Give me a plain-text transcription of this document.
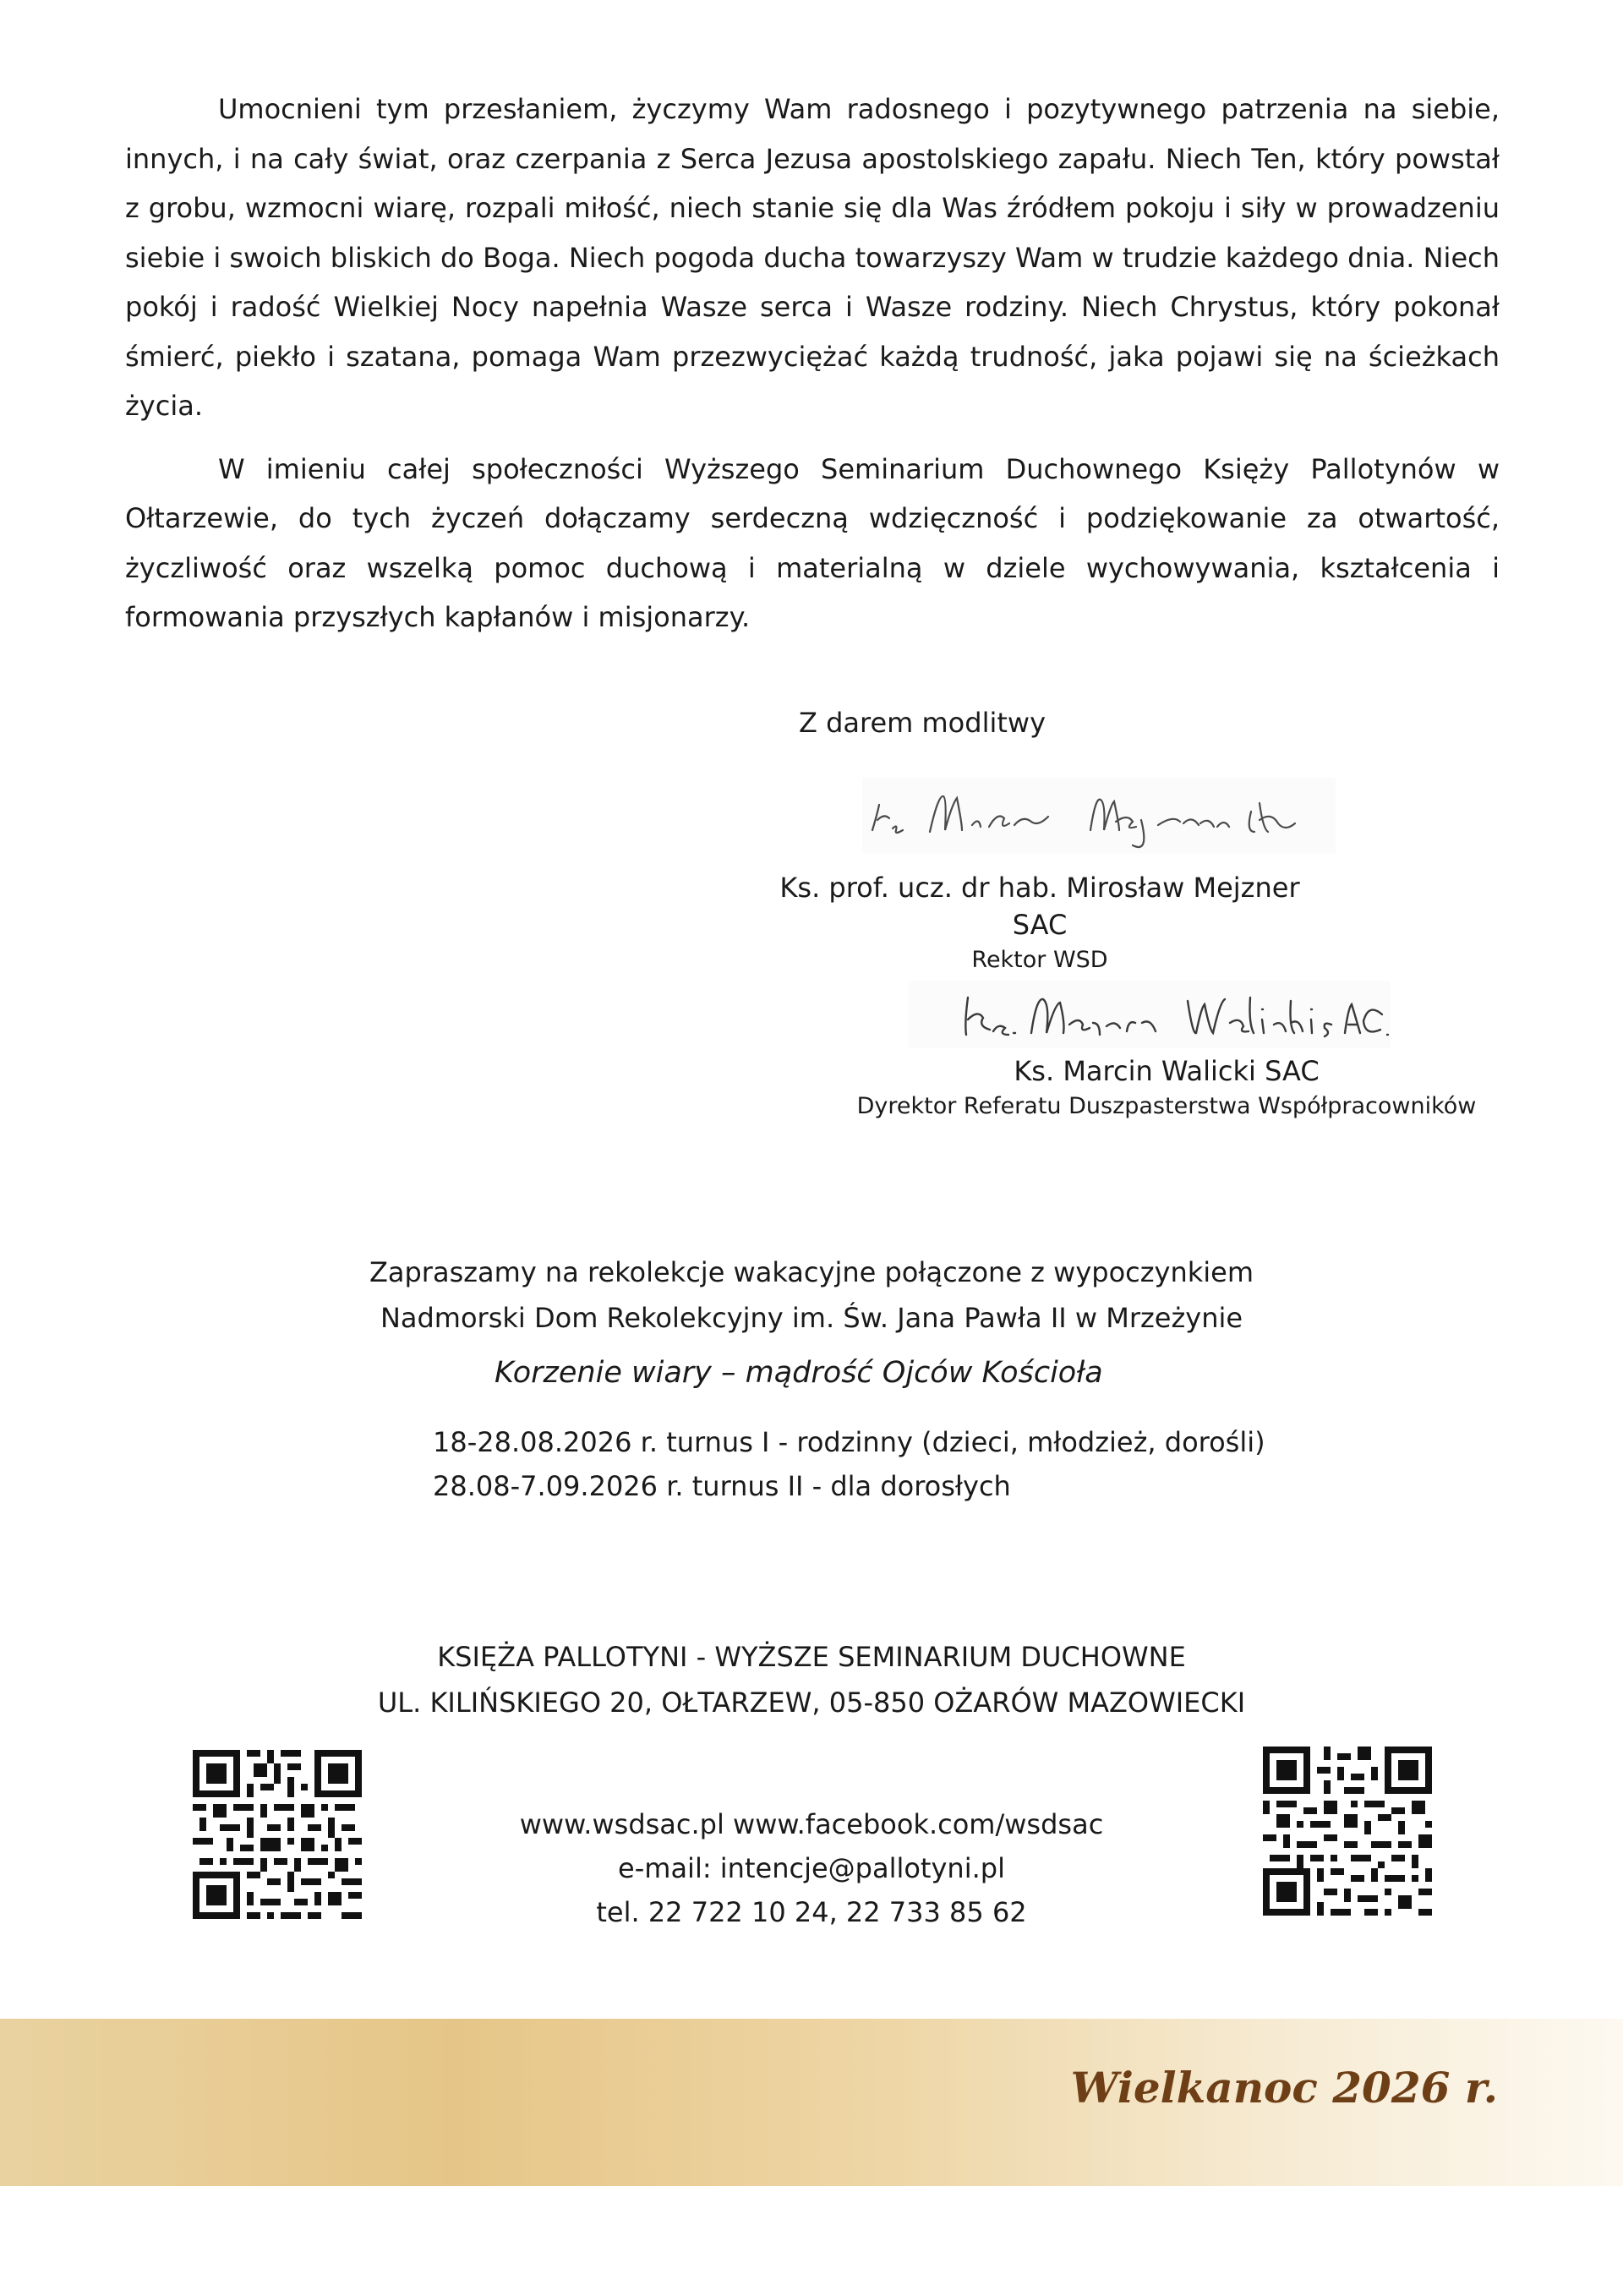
Umocnieni tym przesłaniem, życzymy Wam radosnego i pozytywnego patrzenia na siebie, innych, i na cały świat, oraz czerpania z Serca Jezusa apostolskiego zapału. Niech Ten, który powstał z grobu, wzmocni wiarę, rozpali miłość, niech stanie się dla Was źródłem pokoju i siły w prowadzeniu siebie i swoich bliskich do Boga. Niech pogoda ducha towarzyszy Wam w trudzie każdego dnia. Niech pokój i radość Wielkiej Nocy napełnia Wasze serca i Wasze rodziny. Niech Chrystus, który pokonał śmierć, piekło i szatana, pomaga Wam przezwyciężać każdą trudność, jaka pojawi się na ścieżkach życia.

W imieniu całej społeczności Wyższego Seminarium Duchownego Księży Pallotynów w Ołtarzewie, do tych życzeń dołączamy serdeczną wdzięczność i podziękowanie za otwartość, życzliwość oraz wszelką pomoc duchową i materialną w dziele wychowywania, kształcenia i formowania przyszłych kapłanów i misjonarzy.

Z darem modlitwy
Ks. prof. ucz. dr hab. Mirosław Mejzner SAC
Rektor WSD
Ks. Marcin Walicki SAC
Dyrektor Referatu Duszpasterstwa Współpracowników
Zapraszamy na rekolekcje wakacyjne połączone z wypoczynkiem
Nadmorski Dom Rekolekcyjny im. Św. Jana Pawła II w Mrzeżynie
Korzenie wiary – mądrość Ojców Kościoła
18-28.08.2026 r. turnus I - rodzinny (dzieci, młodzież, dorośli)
28.08-7.09.2026 r. turnus II - dla dorosłych
KSIĘŻA PALLOTYNI - WYŻSZE SEMINARIUM DUCHOWNE
UL. KILIŃSKIEGO 20, OŁTARZEW, 05-850 OŻARÓW MAZOWIECKI
www.wsdsac.pl www.facebook.com/wsdsac
e-mail: intencje@pallotyni.pl
tel. 22 722 10 24, 22 733 85 62
Wielkanoc 2026 r.
